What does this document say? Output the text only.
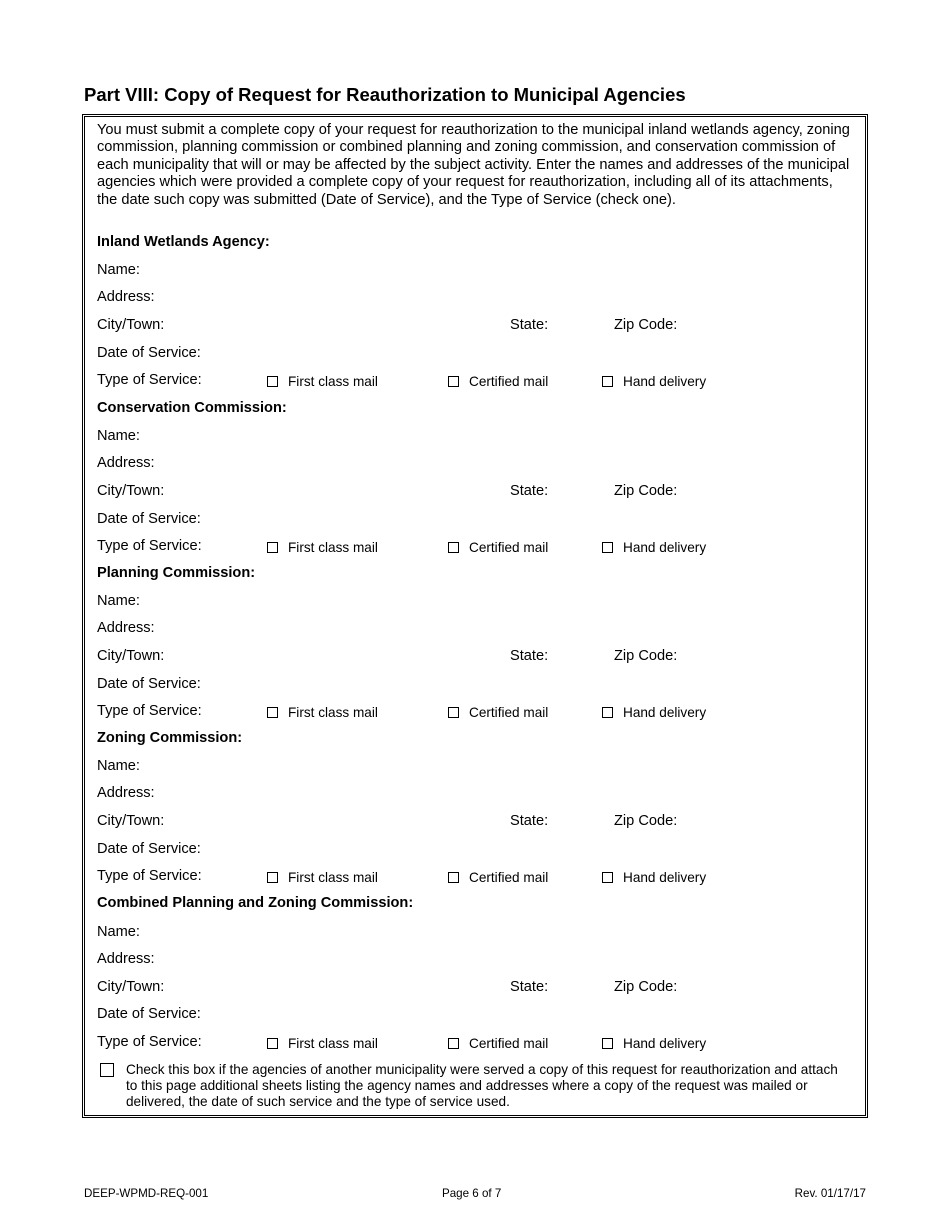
Part VIII: Copy of Request for Reauthorization to Municipal Agencies
You must submit a complete copy of your request for reauthorization to the municipal inland wetlands agency, zoning commission, planning commission or combined planning and zoning commission, and conservation commission of each municipality that will or may be affected by the subject activity. Enter the names and addresses of the municipal agencies which were provided a complete copy of your request for reauthorization, including all of its attachments, the date such copy was submitted (Date of Service), and the Type of Service (check one).
Inland Wetlands Agency:
Name:
Address:
City/Town:	State:	Zip Code:
Date of Service:
Type of Service:	First class mail	Certified mail	Hand delivery
Conservation Commission:
Name:
Address:
City/Town:	State:	Zip Code:
Date of Service:
Type of Service:	First class mail	Certified mail	Hand delivery
Planning Commission:
Name:
Address:
City/Town:	State:	Zip Code:
Date of Service:
Type of Service:	First class mail	Certified mail	Hand delivery
Zoning Commission:
Name:
Address:
City/Town:	State:	Zip Code:
Date of Service:
Type of Service:	First class mail	Certified mail	Hand delivery
Combined Planning and Zoning Commission:
Name:
Address:
City/Town:	State:	Zip Code:
Date of Service:
Type of Service:	First class mail	Certified mail	Hand delivery
Check this box if the agencies of another municipality were served a copy of this request for reauthorization and attach to this page additional sheets listing the agency names and addresses where a copy of the request was mailed or delivered, the date of such service and the type of service used.
DEEP-WPMD-REQ-001	Page 6 of 7	Rev. 01/17/17
